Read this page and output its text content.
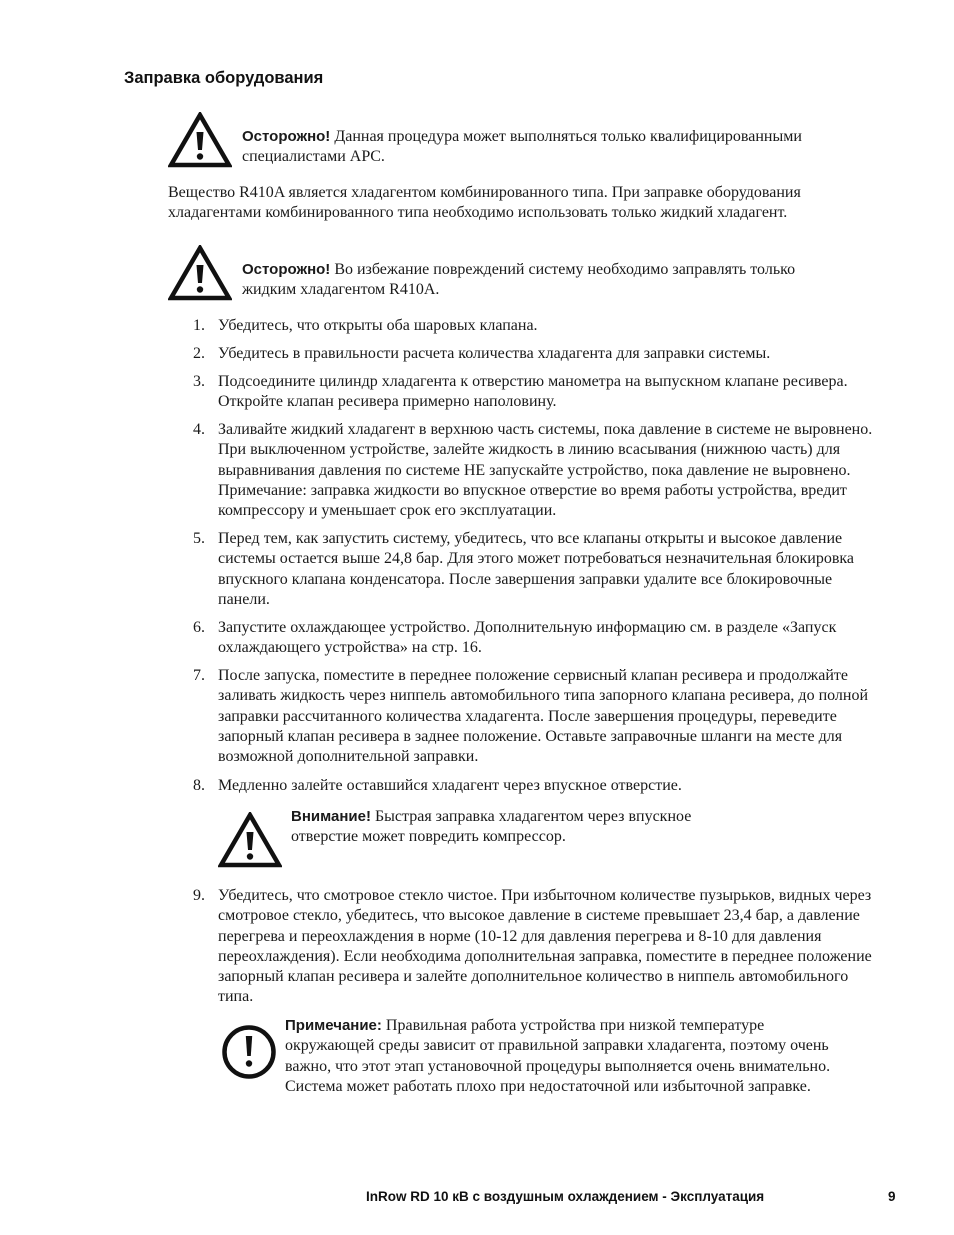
Заправка оборудования
Осторожно! Данная процедура может выполняться только квалифицированными
специалистами APC.
Вещество R410A является хладагентом комбинированного типа. При заправке оборудования
хладагентами комбинированного типа необходимо использовать только жидкий хладагент.
Осторожно! Во избежание повреждений систему необходимо заправлять только
жидким хладагентом R410A.
1. Убедитесь, что открыты оба шаровых клапана.
2. Убедитесь в правильности расчета количества хладагента для заправки системы.
3. Подсоедините цилиндр хладагента к отверстию манометра на выпускном клапане ресивера. Откройте клапан ресивера примерно наполовину.
4. Заливайте жидкий хладагент в верхнюю часть системы, пока давление в системе не выровнено. При выключенном устройстве, залейте жидкость в линию всасывания (нижнюю часть) для выравнивания давления по системе НЕ запускайте устройство, пока давление не выровнено. Примечание: заправка жидкости во впускное отверстие во время работы устройства, вредит компрессору и уменьшает срок его эксплуатации.
5. Перед тем, как запустить систему, убедитесь, что все клапаны открыты и высокое давление системы остается выше 24,8 бар. Для этого может потребоваться незначительная блокировка впускного клапана конденсатора. После завершения заправки удалите все блокировочные панели.
6. Запустите охлаждающее устройство. Дополнительную информацию см. в разделе «Запуск охлаждающего устройства» на стр. 16.
7. После запуска, поместите в переднее положение сервисный клапан ресивера и продолжайте заливать жидкость через ниппель автомобильного типа запорного клапана ресивера, до полной заправки рассчитанного количества хладагента. После завершения процедуры, переведите запорный клапан ресивера в заднее положение. Оставьте заправочные шланги на месте для возможной дополнительной заправки.
8. Медленно залейте оставшийся хладагент через впускное отверстие.
Внимание! Быстрая заправка хладагентом через впускное
отверстие может повредить компрессор.
9. Убедитесь, что смотровое стекло чистое. При избыточном количестве пузырьков, видных через смотровое стекло, убедитесь, что высокое давление в системе превышает 23,4 бар, а давление перегрева и переохлаждения в норме (10-12 для давления перегрева и 8-10 для давления переохлаждения). Если необходима дополнительная заправка, поместите в переднее положение запорный клапан ресивера и залейте дополнительное количество в ниппель автомобильного типа.
Примечание: Правильная работа устройства при низкой температуре
окружающей среды зависит от правильной заправки хладагента, поэтому очень
важно, что этот этап установочной процедуры выполняется очень внимательно.
Система может работать плохо при недостаточной или избыточной заправке.
InRow RD 10 кВ с воздушным охлаждением - Эксплуатация	9
